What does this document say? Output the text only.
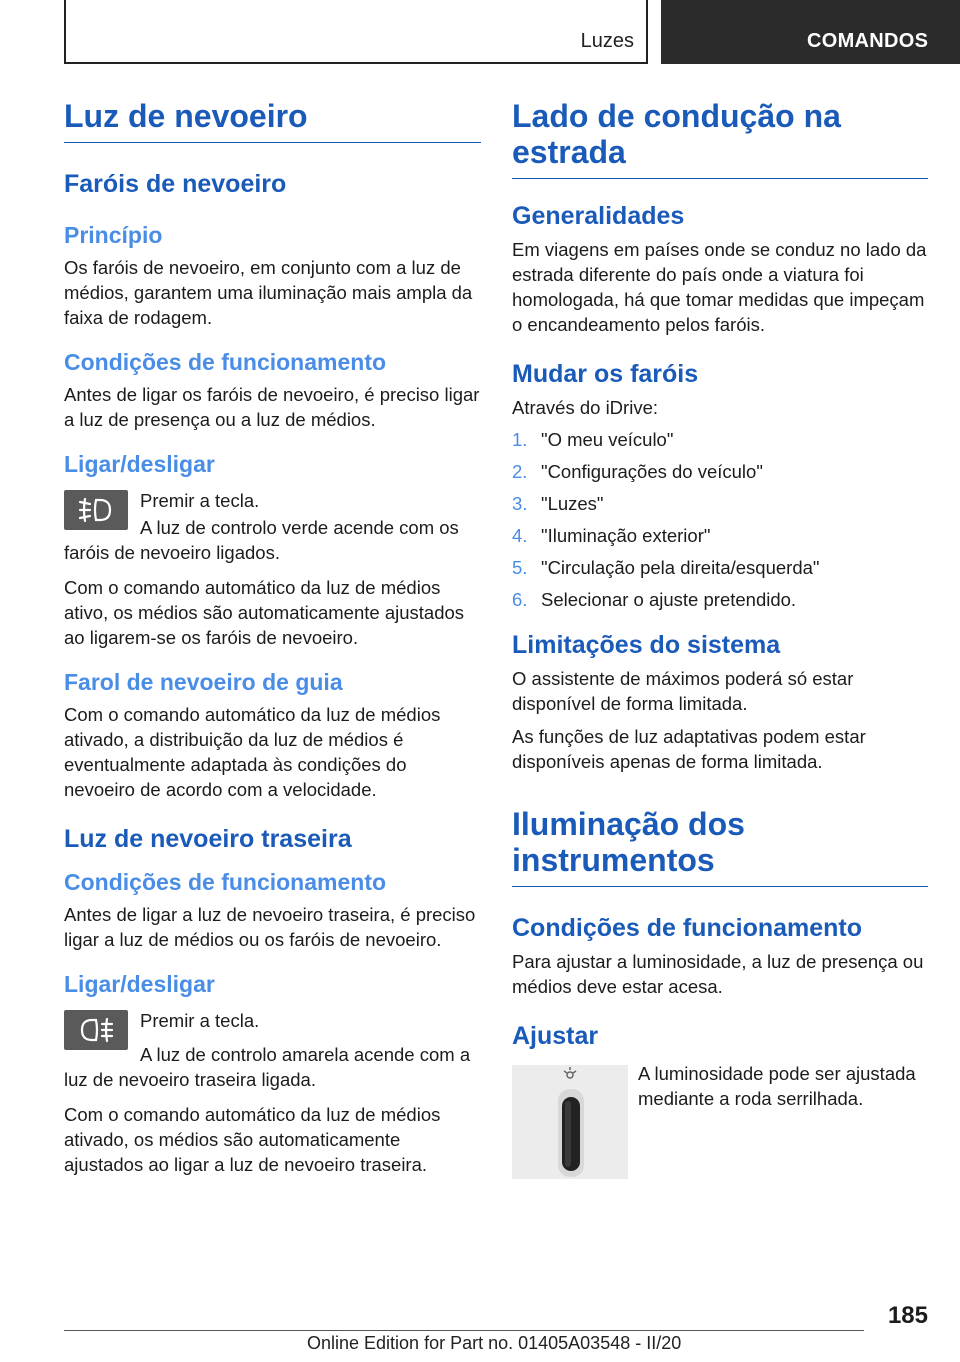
Luzes	COMANDOS
Luz de nevoeiro
Faróis de nevoeiro
Princípio

Os faróis de nevoeiro, em conjunto com a luz de médios, garantem uma iluminação mais ampla da faixa de rodagem.

Condições de funcionamento

Antes de ligar os faróis de nevoeiro, é preciso ligar a luz de presença ou a luz de médios.

Ligar/desligar

Premir a tecla.

A luz de controlo verde acende com os faróis de nevoeiro ligados.

Com o comando automático da luz de médios ativo, os médios são automaticamente ajustados ao ligarem-se os faróis de nevoeiro.

Farol de nevoeiro de guia

Com o comando automático da luz de médios ativado, a distribuição da luz de médios é eventualmente adaptada às condições do nevoeiro de acordo com a velocidade.

Luz de nevoeiro traseira
Condições de funcionamento

Antes de ligar a luz de nevoeiro traseira, é preciso ligar a luz de médios ou os faróis de nevoeiro.

Ligar/desligar

Premir a tecla.

A luz de controlo amarela acende com a luz de nevoeiro traseira ligada.

Com o comando automático da luz de médios ativado, os médios são automaticamente ajustados ao ligar a luz de nevoeiro traseira.

Lado de condução na estrada
Generalidades

Em viagens em países onde se conduz no lado da estrada diferente do país onde a viatura foi homologada, há que tomar medidas que impeçam o encandeamento pelos faróis.

Mudar os faróis

Através do iDrive:

1. "O meu veículo"
2. "Configurações do veículo"
3. "Luzes"
4. "Iluminação exterior"
5. "Circulação pela direita/esquerda"
6. Selecionar o ajuste pretendido.
Limitações do sistema

O assistente de máximos poderá só estar disponível de forma limitada.

As funções de luz adaptativas podem estar disponíveis apenas de forma limitada.

Iluminação dos instrumentos
Condições de funcionamento

Para ajustar a luminosidade, a luz de presença ou médios deve estar acesa.

Ajustar

A luminosidade pode ser ajustada mediante a roda serrilhada.

185
Online Edition for Part no. 01405A03548 - II/20
